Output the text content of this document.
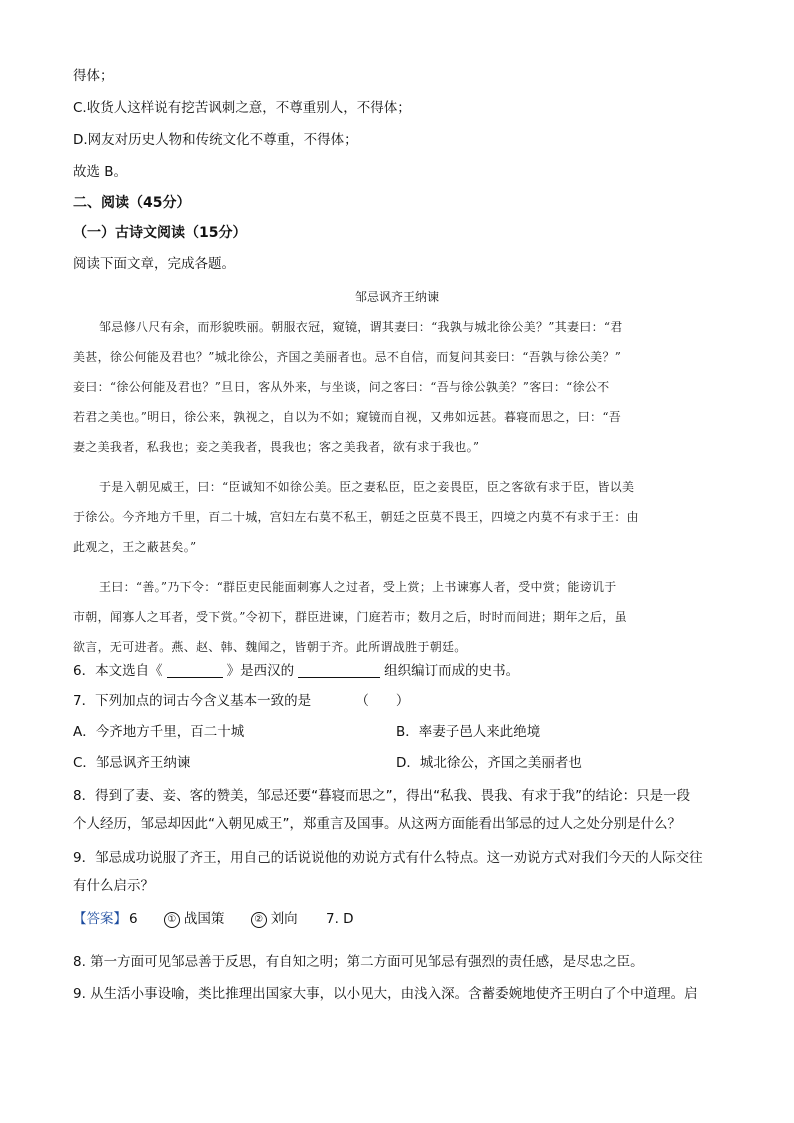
得体；
C.收货人这样说有挖苦讽刺之意，不尊重别人，不得体；
D.网友对历史人物和传统文化不尊重，不得体；
故选 B。
二、阅读（45分）
（一）古诗文阅读（15分）
阅读下面文章，完成各题。
邹忌讽齐王纳谏
邹忌修八尺有余，而形貌昳丽。朝服衣冠，窥镜，谓其妻曰：“我孰与城北徐公美？”其妻曰：“君
美甚，徐公何能及君也？”城北徐公，齐国之美丽者也。忌不自信，而复问其妾曰：“吾孰与徐公美？”
妾曰：“徐公何能及君也？”旦日，客从外来，与坐谈，问之客曰：“吾与徐公孰美？”客曰：“徐公不
若君之美也。”明日，徐公来，孰视之，自以为不如；窥镜而自视，又弗如远甚。暮寝而思之，曰：“吾
妻之美我者，私我也；妾之美我者，畏我也；客之美我者，欲有求于我也。”
于是入朝见威王，曰：“臣诚知不如徐公美。臣之妻私臣，臣之妾畏臣，臣之客欲有求于臣，皆以美
于徐公。今齐地方千里，百二十城，宫妇左右莫不私王，朝廷之臣莫不畏王，四境之内莫不有求于王：由
此观之，王之蔽甚矣。”
王曰：“善。”乃下令：“群臣吏民能面刺寡人之过者，受上赏；上书谏寡人者，受中赏；能谤讥于
市朝，闻寡人之耳者，受下赏。”令初下，群臣进谏，门庭若市；数月之后，时时而间进；期年之后，虽
欲言，无可进者。燕、赵、韩、魏闻之，皆朝于齐。此所谓战胜于朝廷。
6．本文选自《	》是西汉的	组织编订而成的史书。
7．下列加点的词古今含义基本一致的是	（　　）
A．今齐地方千里，百二十城	B．率妻子邑人来此绝境
C．邹忌讽齐王纳谏	D．城北徐公，齐国之美丽者也
8．得到了妻、妾、客的赞美，邹忌还要“暮寝而思之”，得出“私我、畏我、有求于我”的结论：只是一段
个人经历，邹忌却因此“入朝见威王”，郑重言及国事。从这两方面能看出邹忌的过人之处分别是什么？
9．邹忌成功说服了齐王，用自己的话说说他的劝说方式有什么特点。这一劝说方式对我们今天的人际交往
有什么启示？
【答案】 6	① 战国策	② 刘向 7. D
8. 第一方面可见邹忌善于反思，有自知之明；第二方面可见邹忌有强烈的责任感，是尽忠之臣。
9. 从生活小事设喻，类比推理出国家大事，以小见大，由浅入深。含蓄委婉地使齐王明白了个中道理。启
